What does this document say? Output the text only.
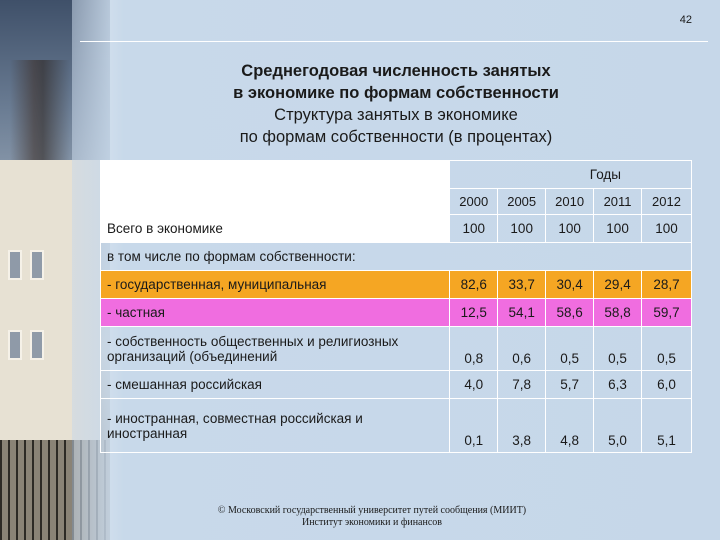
42
Среднегодовая численность занятых
в экономике по формам собственности
Структура занятых в экономике
по формам собственности (в процентах)
	Годы				
	2000	2005	2010	2011	2012
Всего в экономике	100	100	100	100	100
в том числе по формам собственности:					
- государственная, муниципальная	82,6	33,7	30,4	29,4	28,7
- частная	12,5	54,1	58,6	58,8	59,7
- собственность общественных и религиозных организаций (объединений	0,8	0,6	0,5	0,5	0,5
- смешанная российская	4,0	7,8	5,7	6,3	6,0
- иностранная, совместная российская и иностранная	0,1	3,8	4,8	5,0	5,1
© Московский государственный университет путей сообщения (МИИТ)
Институт экономики и финансов
